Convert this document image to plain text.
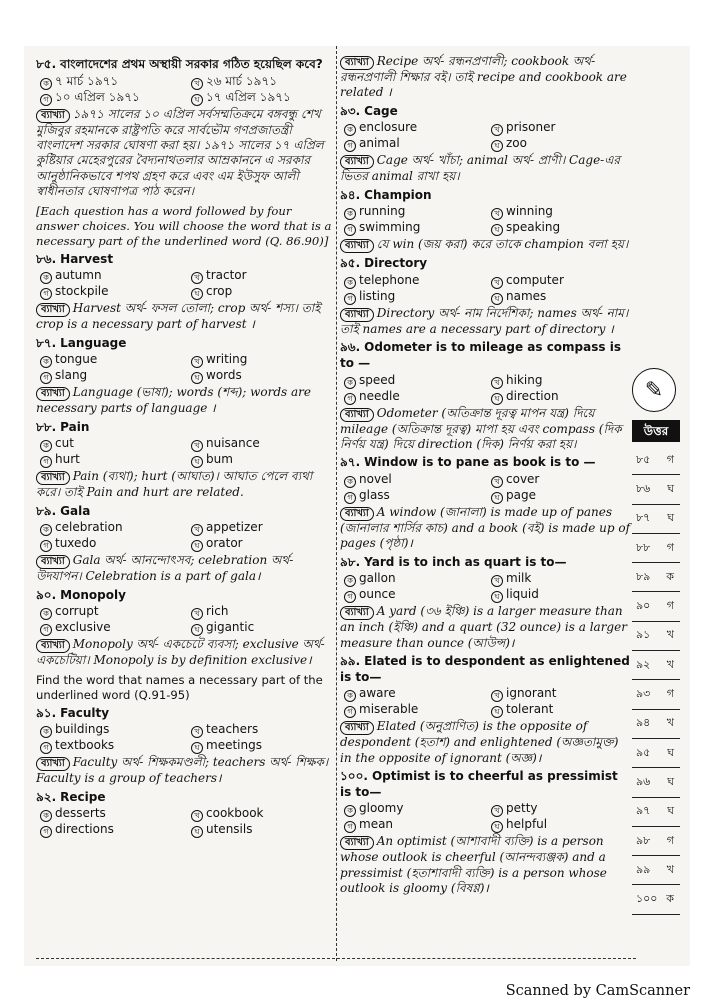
৮৫. বাংলাদেশের প্রথম অস্থায়ী সরকার গঠিত হয়েছিল কবে?
ক ৭ মার্চ ১৯৭১	খ ২৬ মার্চ ১৯৭১
গ ১০ এপ্রিল ১৯৭১	ঘ ১৭ এপ্রিল ১৯৭১
ব্যাখ্যা ১৯৭১ সালের ১০ এপ্রিল সর্বসম্মতিক্রমে বঙ্গবন্ধু শেখ মুজিবুর রহমানকে রাষ্ট্রপতি করে সার্বভৌম গণপ্রজাতন্ত্রী বাংলাদেশ সরকার ঘোষণা করা হয়। ১৯৭১ সালের ১৭ এপ্রিল কুষ্টিয়ার মেহেরপুরের বৈদ্যনাথতলার আম্রকাননে এ সরকার আনুষ্ঠানিকভাবে শপথ গ্রহণ করে এবং এম ইউসুফ আলী স্বাধীনতার ঘোষণাপত্র পাঠ করেন।
[Each question has a word followed by four answer choices. You will choose the word that is a necessary part of the underlined word (Q. 86.90)]
৮৬. Harvest
ক autumn	খ tractor
গ stockpile	ঘ crop
ব্যাখ্যা Harvest অর্থ- ফসল তোলা; crop অর্থ- শস্য। তাই crop is a necessary part of harvest ।
৮৭. Language
ক tongue	খ writing
গ slang	ঘ words
ব্যাখ্যা Language (ভাষা); words (শব্দ); words are necessary parts of language ।
৮৮. Pain
ক cut	খ nuisance
গ hurt	ঘ bum
ব্যাখ্যা Pain (ব্যথা); hurt (আঘাত)। আঘাত পেলে ব্যথা করে। তাই Pain and hurt are related.
৮৯. Gala
ক celebration	খ appetizer
গ tuxedo	ঘ orator
ব্যাখ্যা Gala অর্থ- আনন্দোৎসব; celebration অর্থ- উদযাপন। Celebration is a part of gala।
৯০. Monopoly
ক corrupt	খ rich
গ exclusive	ঘ gigantic
ব্যাখ্যা Monopoly অর্থ- একচেটে ব্যবসা; exclusive অর্থ- একচেটিয়া। Monopoly is by definition exclusive।
Find the word that names a necessary part of the underlined word (Q.91-95)
৯১. Faculty
ক buildings	খ teachers
গ textbooks	ঘ meetings
ব্যাখ্যা Faculty অর্থ- শিক্ষকমণ্ডলী; teachers অর্থ- শিক্ষক। Faculty is a group of teachers।
৯২. Recipe
ক desserts	খ cookbook
গ directions	ঘ utensils
ব্যাখ্যা Recipe অর্থ- রন্ধনপ্রণালী; cookbook অর্থ- রন্ধনপ্রণালী শিক্ষার বই। তাই recipe and cookbook are related ।
৯৩. Cage
ক enclosure	খ prisoner
গ animal	ঘ zoo
ব্যাখ্যা Cage অর্থ- খাঁচা; animal অর্থ- প্রাণী। Cage-এর ভিতর animal রাখা হয়।
৯৪. Champion
ক running	খ winning
গ swimming	ঘ speaking
ব্যাখ্যা যে win (জয় করা) করে তাকে champion বলা হয়।
৯৫. Directory
ক telephone	খ computer
গ listing	ঘ names
ব্যাখ্যা Directory অর্থ- নাম নির্দেশিকা; names অর্থ- নাম। তাই names are a necessary part of directory ।
৯৬. Odometer is to mileage as compass is to —
ক speed	খ hiking
গ needle	ঘ direction
ব্যাখ্যা Odometer (অতিক্রান্ত দূরত্ব মাপন যন্ত্র) দিয়ে mileage (অতিক্রান্ত দূরত্ব) মাপা হয় এবং compass (দিক নির্ণয় যন্ত্র) দিয়ে direction (দিক) নির্ণয় করা হয়।
৯৭. Window is to pane as book is to —
ক novel	খ cover
গ glass	ঘ page
ব্যাখ্যা A window (জানালা) is made up of panes (জানালার শার্সির কাচ) and a book (বই) is made up of pages (পৃষ্ঠা)।
৯৮. Yard is to inch as quart is to—
ক gallon	খ milk
গ ounce	ঘ liquid
ব্যাখ্যা A yard (৩৬ ইঞ্চি) is a larger measure than an inch (ইঞ্চি) and a quart (32 ounce) is a larger measure than ounce (আউন্স)।
৯৯. Elated is to despondent as enlightened is to—
ক aware	খ ignorant
গ miserable	ঘ tolerant
ব্যাখ্যা Elated (অনুপ্রাণিত) is the opposite of despondent (হতাশ) and enlightened (অজ্ঞতামুক্ত) in the opposite of ignorant (অজ্ঞ)।
১০০. Optimist is to cheerful as pressimist is to—
ক gloomy	খ petty
গ mean	ঘ helpful
ব্যাখ্যা An optimist (আশাবাদী ব্যক্তি) is a person whose outlook is cheerful (আনন্দব্যঞ্জক) and a pressimist (হতাশাবাদী ব্যক্তি) is a person whose outlook is gloomy (বিষণ্ণ)।
✎
উত্তর
৮৫ গ
৮৬ ঘ
৮৭ ঘ
৮৮ গ
৮৯ ক
৯০ গ
৯১ খ
৯২ খ
৯৩ গ
৯৪ খ
৯৫ ঘ
৯৬ ঘ
৯৭ ঘ
৯৮ গ
৯৯ খ
১০০ ক
Scanned by CamScanner
